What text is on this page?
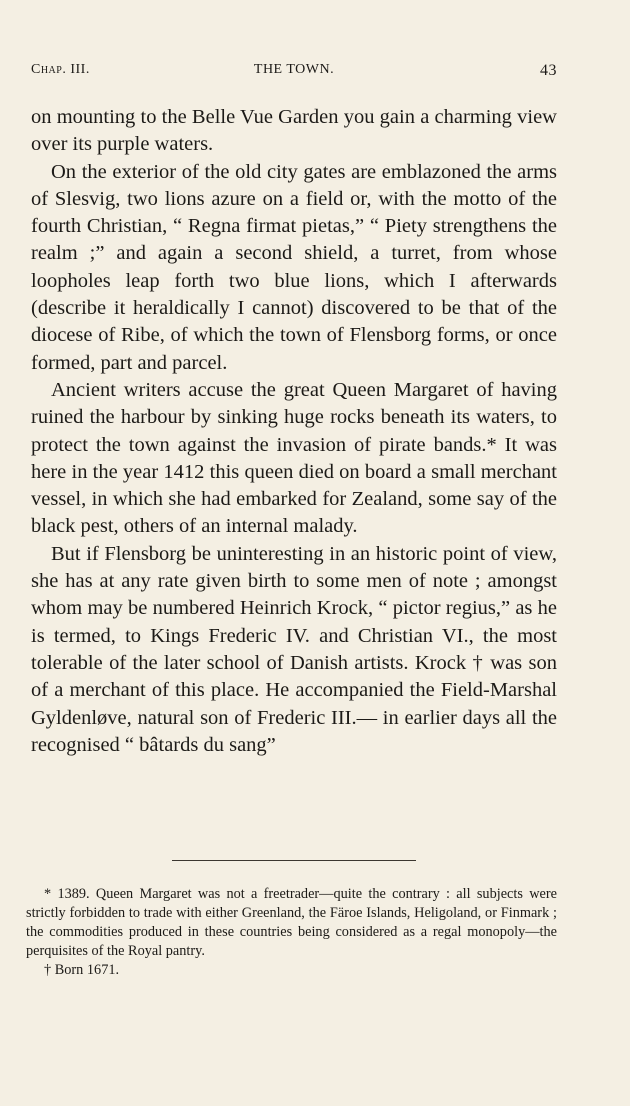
Chap. III.	THE TOWN.	43

on mounting to the Belle Vue Garden you gain a charming view over its purple waters.

On the exterior of the old city gates are emblazoned the arms of Slesvig, two lions azure on a field or, with the motto of the fourth Christian, “ Regna firmat pietas,” “ Piety strengthens the realm ;” and again a second shield, a turret, from whose loopholes leap forth two blue lions, which I afterwards (describe it heraldically I cannot) discovered to be that of the diocese of Ribe, of which the town of Flensborg forms, or once formed, part and parcel.

Ancient writers accuse the great Queen Margaret of having ruined the harbour by sinking huge rocks beneath its waters, to protect the town against the invasion of pirate bands.* It was here in the year 1412 this queen died on board a small merchant vessel, in which she had embarked for Zealand, some say of the black pest, others of an internal malady.

But if Flensborg be uninteresting in an historic point of view, she has at any rate given birth to some men of note ; amongst whom may be numbered Heinrich Krock, “ pictor regius,” as he is termed, to Kings Frederic IV. and Christian VI., the most tolerable of the later school of Danish artists. Krock † was son of a merchant of this place. He accompanied the Field-Marshal Gyldenløve, natural son of Frederic III.— in earlier days all the recognised “ bâtards du sang”

* 1389. Queen Margaret was not a freetrader—quite the contrary : all subjects were strictly forbidden to trade with either Greenland, the Färoe Islands, Heligoland, or Finmark ; the commodities produced in these countries being considered as a regal monopoly—the perquisites of the Royal pantry.

† Born 1671.
